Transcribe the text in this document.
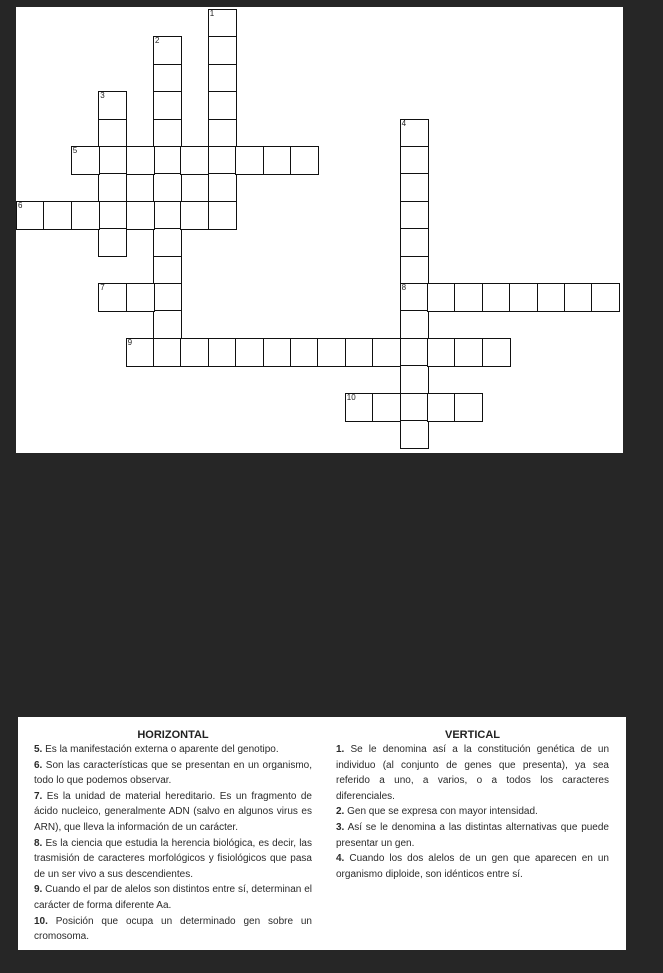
1
2
3
4
8
5
6
7
9
10
HORIZONTAL

5. Es la manifestación externa o aparente del genotipo.

6. Son las características que se presentan en un organismo, todo lo que podemos observar.

7. Es la unidad de material hereditario. Es un fragmento de ácido nucleico, generalmente ADN (salvo en algunos virus es ARN), que lleva la información de un carácter.

8. Es la ciencia que estudia la herencia biológica, es decir, las trasmisión de caracteres morfológicos y fisiológicos que pasa de un ser vivo a sus descendientes.

9. Cuando el par de alelos son distintos entre sí, determinan el carácter de forma diferente Aa.

10. Posición que ocupa un determinado gen sobre un cromosoma.

VERTICAL

1. Se le denomina así a la constitución genética de un individuo (al conjunto de genes que presenta), ya sea referido a uno, a varios, o a todos los caracteres diferenciales.

2. Gen que se expresa con mayor intensidad.

3. Así se le denomina a las distintas alternativas que puede presentar un gen.

4. Cuando los dos alelos de un gen que aparecen en un organismo diploide, son idénticos entre sí.
